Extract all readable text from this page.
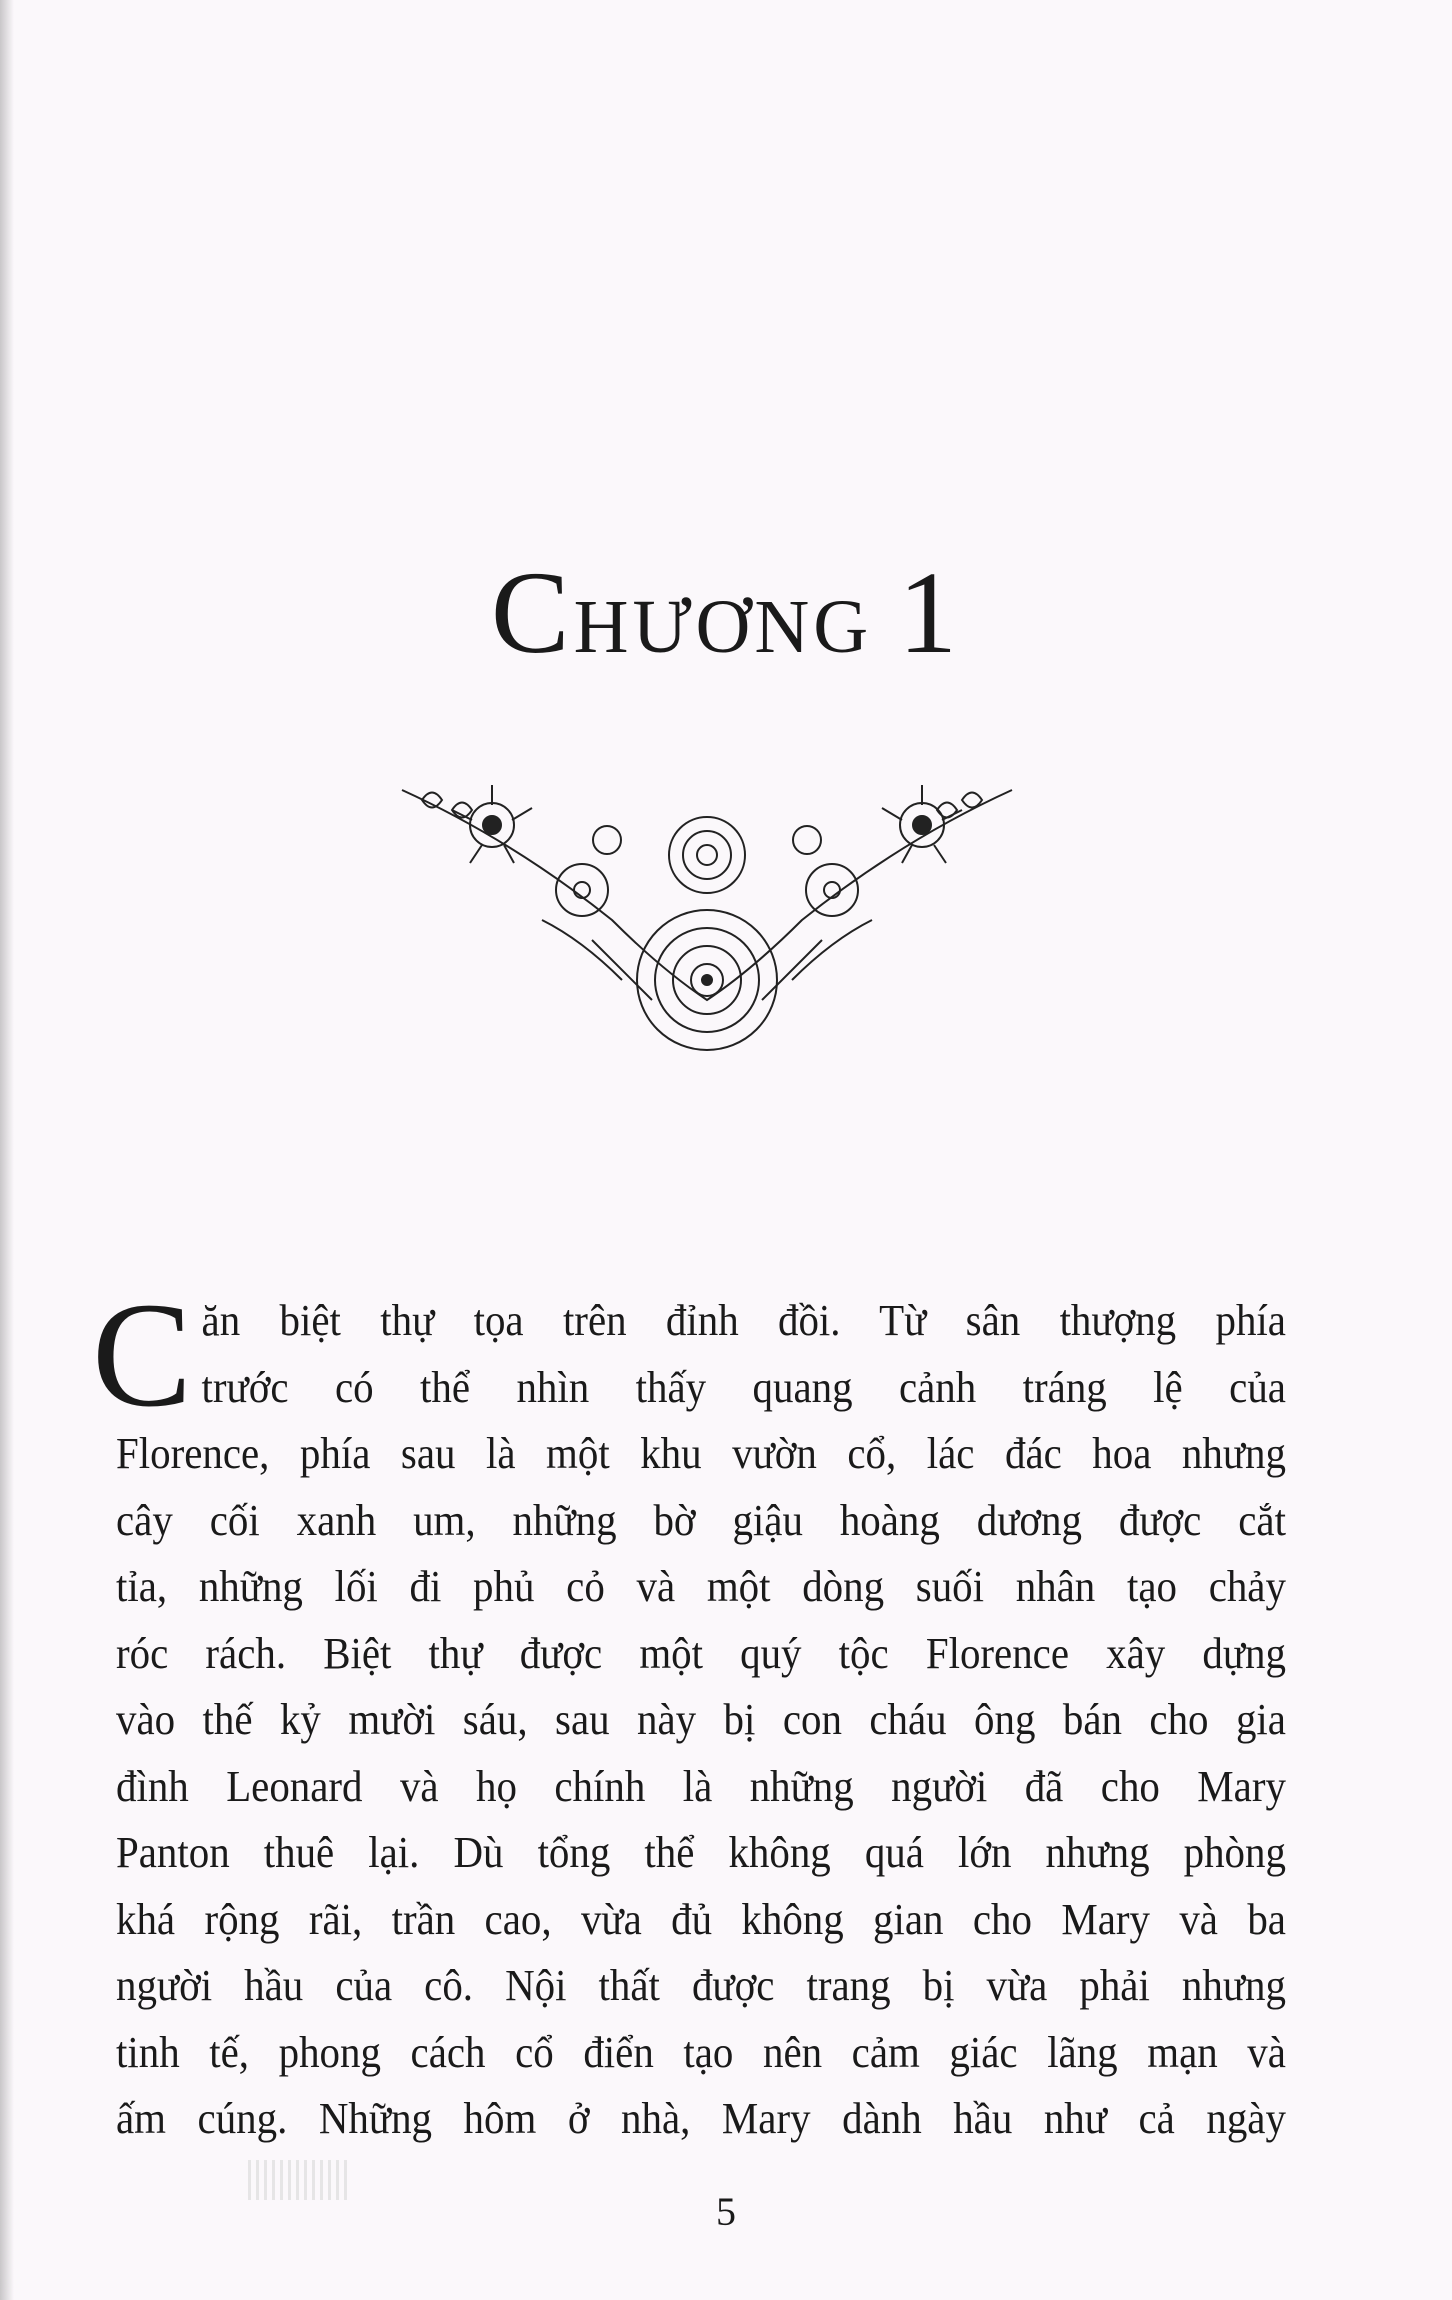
CHƯƠNG 1
C ăn biệt thự tọa trên đỉnh đồi. Từ sân thượng phía
trước có thể nhìn thấy quang cảnh tráng lệ của
Florence, phía sau là một khu vườn cổ, lác đác hoa nhưng
cây cối xanh um, những bờ giậu hoàng dương được cắt
tỉa, những lối đi phủ cỏ và một dòng suối nhân tạo chảy
róc rách. Biệt thự được một quý tộc Florence xây dựng
vào thế kỷ mười sáu, sau này bị con cháu ông bán cho gia
đình Leonard và họ chính là những người đã cho Mary
Panton thuê lại. Dù tổng thể không quá lớn nhưng phòng
khá rộng rãi, trần cao, vừa đủ không gian cho Mary và ba
người hầu của cô. Nội thất được trang bị vừa phải nhưng
tinh tế, phong cách cổ điển tạo nên cảm giác lãng mạn và
ấm cúng. Những hôm ở nhà, Mary dành hầu như cả ngày
5
